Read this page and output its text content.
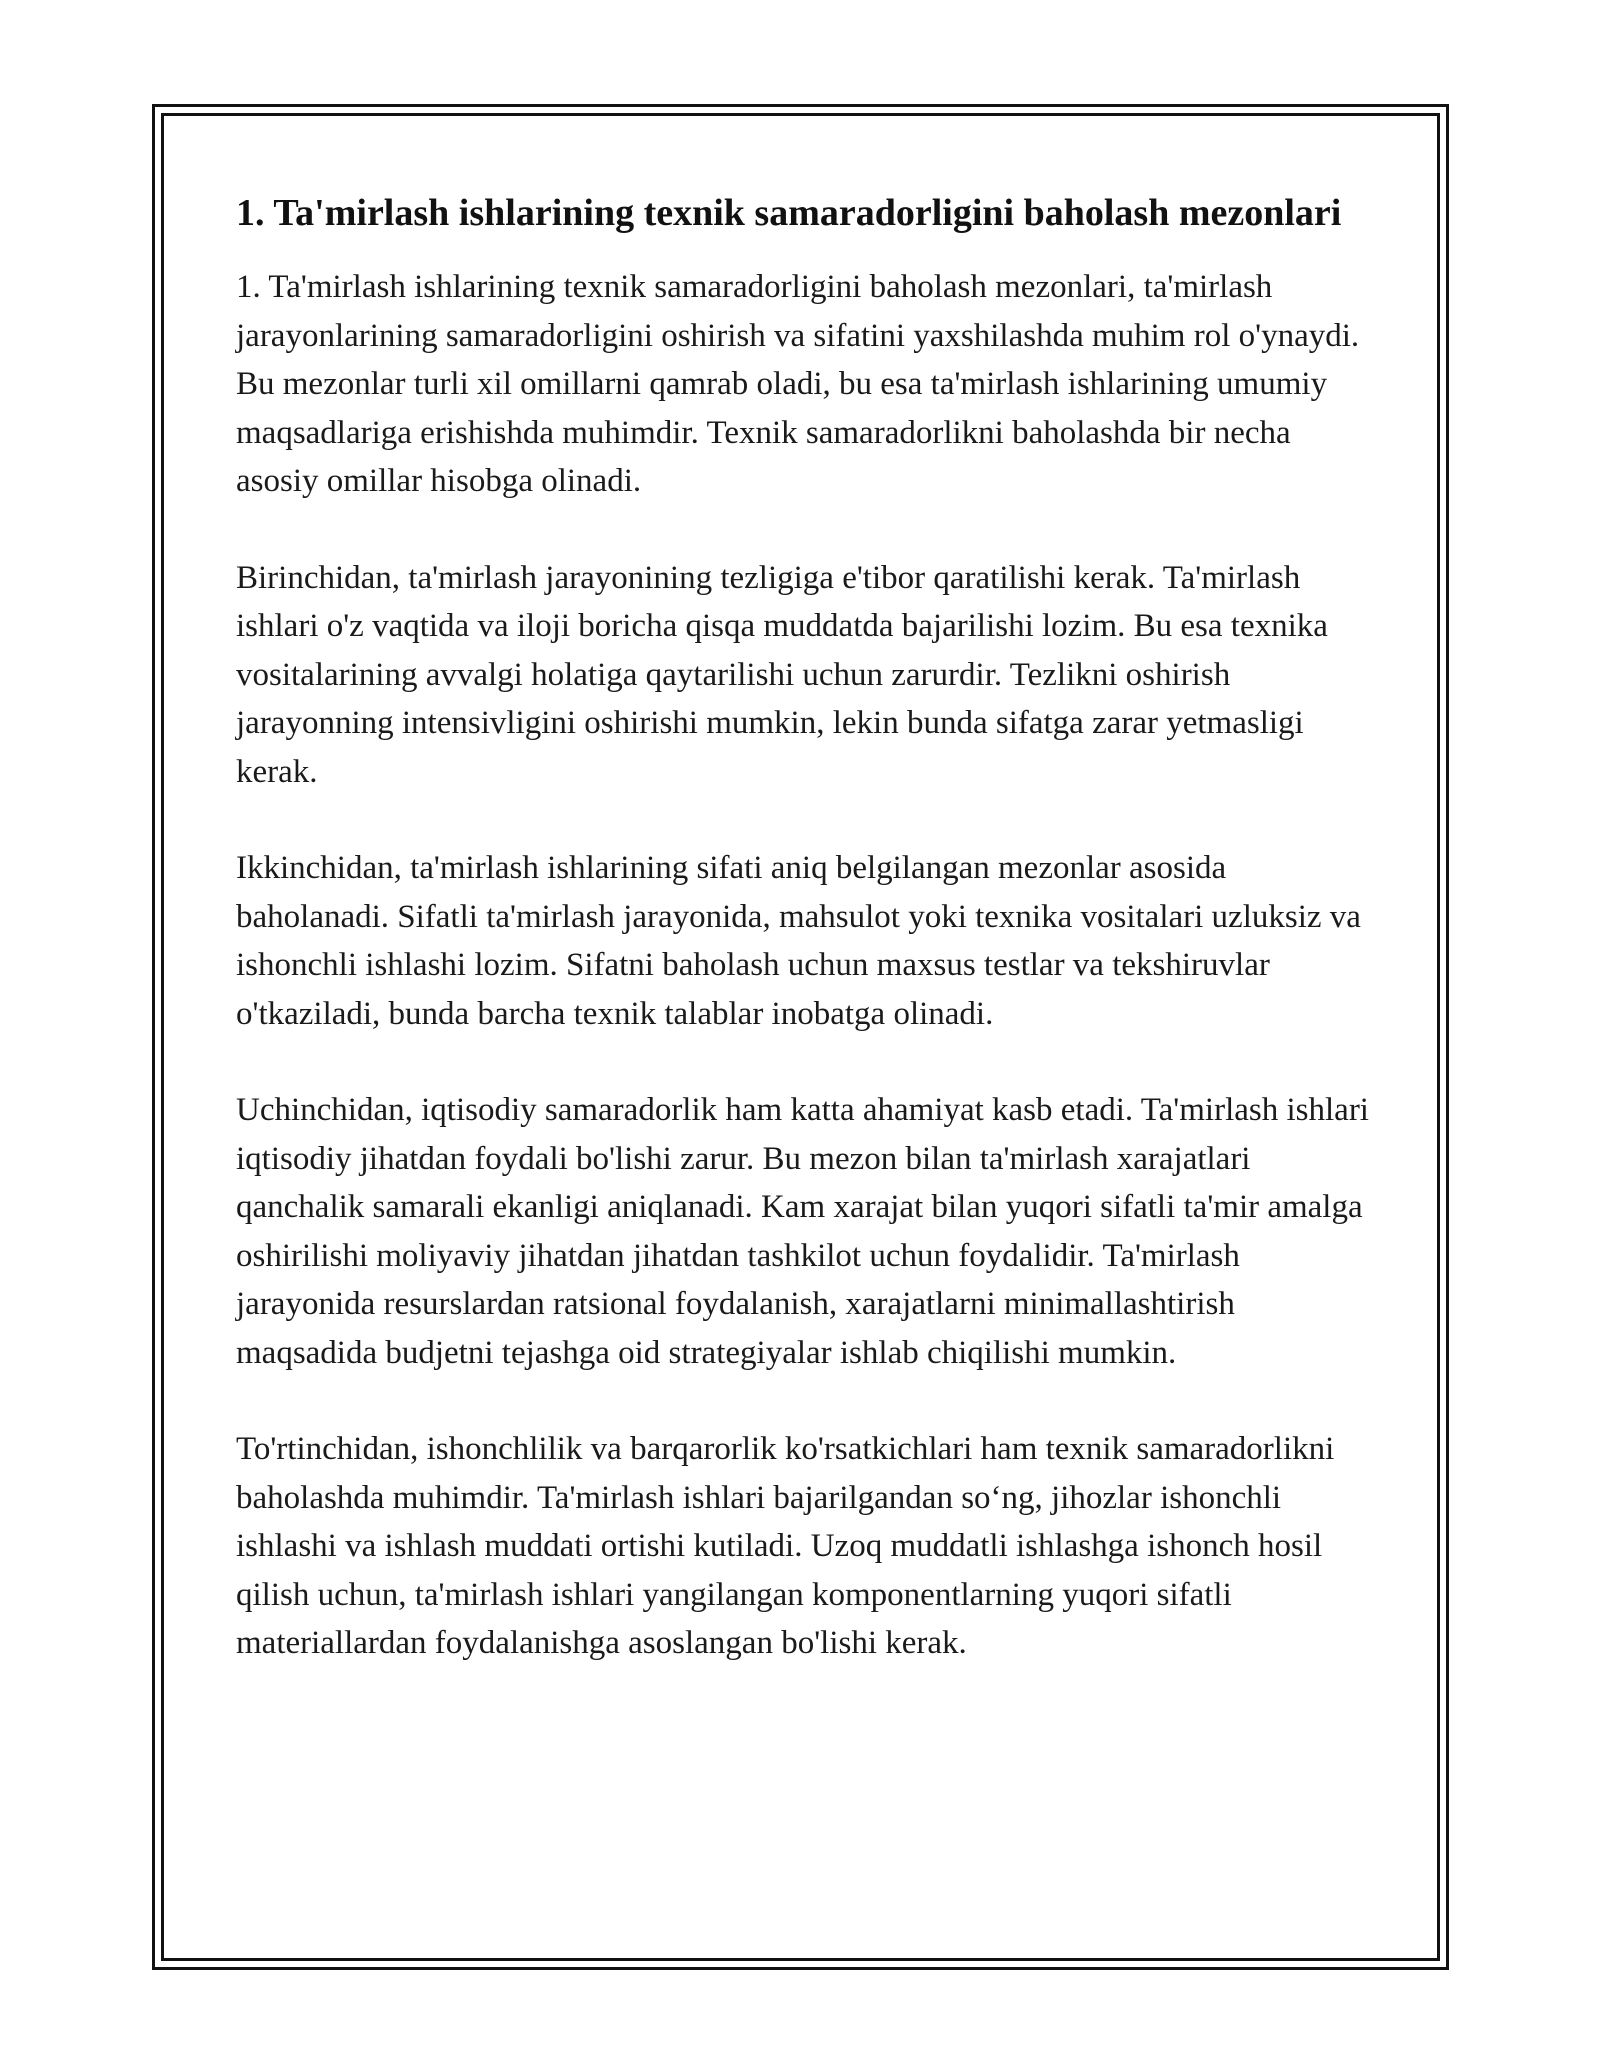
1. Ta'mirlash ishlarining texnik samaradorligini baholash mezonlari

1. Ta'mirlash ishlarining texnik samaradorligini baholash mezonlari, ta'mirlash jarayonlarining samaradorligini oshirish va sifatini yaxshilashda muhim rol o'ynaydi. Bu mezonlar turli xil omillarni qamrab oladi, bu esa ta'mirlash ishlarining umumiy maqsadlariga erishishda muhimdir. Texnik samaradorlikni baholashda bir necha asosiy omillar hisobga olinadi.

Birinchidan, ta'mirlash jarayonining tezligiga e'tibor qaratilishi kerak. Ta'mirlash ishlari o'z vaqtida va iloji boricha qisqa muddatda bajarilishi lozim. Bu esa texnika vositalarining avvalgi holatiga qaytarilishi uchun zarurdir. Tezlikni oshirish jarayonning intensivligini oshirishi mumkin, lekin bunda sifatga zarar yetmasligi kerak.

Ikkinchidan, ta'mirlash ishlarining sifati aniq belgilangan mezonlar asosida baholanadi. Sifatli ta'mirlash jarayonida, mahsulot yoki texnika vositalari uzluksiz va ishonchli ishlashi lozim. Sifatni baholash uchun maxsus testlar va tekshiruvlar o'tkaziladi, bunda barcha texnik talablar inobatga olinadi.

Uchinchidan, iqtisodiy samaradorlik ham katta ahamiyat kasb etadi. Ta'mirlash ishlari iqtisodiy jihatdan foydali bo'lishi zarur. Bu mezon bilan ta'mirlash xarajatlari qanchalik samarali ekanligi aniqlanadi. Kam xarajat bilan yuqori sifatli ta'mir amalga oshirilishi moliyaviy jihatdan jihatdan tashkilot uchun foydalidir. Ta'mirlash jarayonida resurslardan ratsional foydalanish, xarajatlarni minimallashtirish maqsadida budjetni tejashga oid strategiyalar ishlab chiqilishi mumkin.

To'rtinchidan, ishonchlilik va barqarorlik ko'rsatkichlari ham texnik samaradorlikni baholashda muhimdir. Ta'mirlash ishlari bajarilgandan so‘ng, jihozlar ishonchli ishlashi va ishlash muddati ortishi kutiladi. Uzoq muddatli ishlashga ishonch hosil qilish uchun, ta'mirlash ishlari yangilangan komponentlarning yuqori sifatli materiallardan foydalanishga asoslangan bo'lishi kerak.
